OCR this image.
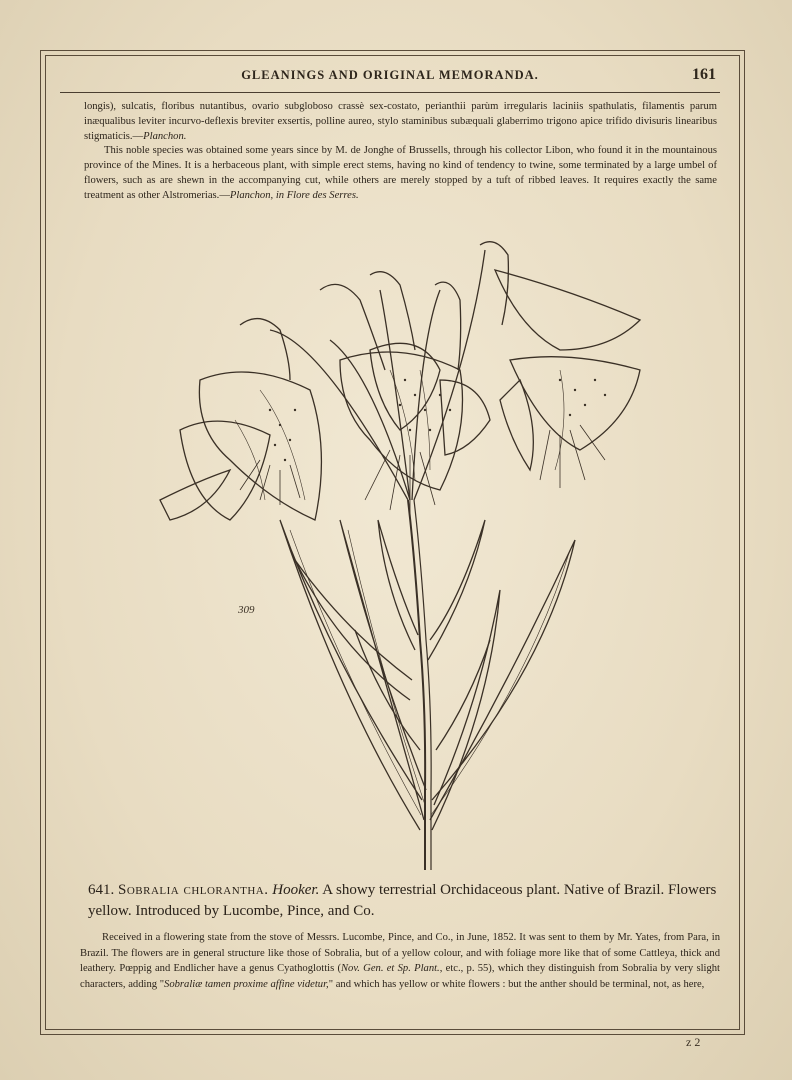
GLEANINGS AND ORIGINAL MEMORANDA.	161

longis), sulcatis, floribus nutantibus, ovario subgloboso crassè sex-costato, perianthii parùm irregularis laciniis spathulatis, filamentis parum inæqualibus leviter incurvo-deflexis breviter exsertis, polline aureo, stylo staminibus subæquali glaberrimo trigono apice trifido divisuris linearibus stigmaticis.—Planchon.

This noble species was obtained some years since by M. de Jonghe of Brussells, through his collector Libon, who found it in the mountainous province of the Mines. It is a herbaceous plant, with simple erect stems, having no kind of tendency to twine, some terminated by a large umbel of flowers, such as are shewn in the accompanying cut, while others are merely stopped by a tuft of ribbed leaves. It requires exactly the same treatment as other Alstromerias.—Planchon, in Flore des Serres.

309
641. Sobralia chlorantha. Hooker. A showy terrestrial Orchidaceous plant. Native of Brazil. Flowers yellow. Introduced by Lucombe, Pince, and Co.

Received in a flowering state from the stove of Messrs. Lucombe, Pince, and Co., in June, 1852. It was sent to them by Mr. Yates, from Para, in Brazil. The flowers are in general structure like those of Sobralia, but of a yellow colour, and with foliage more like that of some Cattleya, thick and leathery. Pœppig and Endlicher have a genus Cyathoglottis (Nov. Gen. et Sp. Plant., etc., p. 55), which they distinguish from Sobralia by very slight characters, adding "Sobraliæ tamen proxime affine videtur," and which has yellow or white flowers : but the anther should be terminal, not, as here,

z 2
